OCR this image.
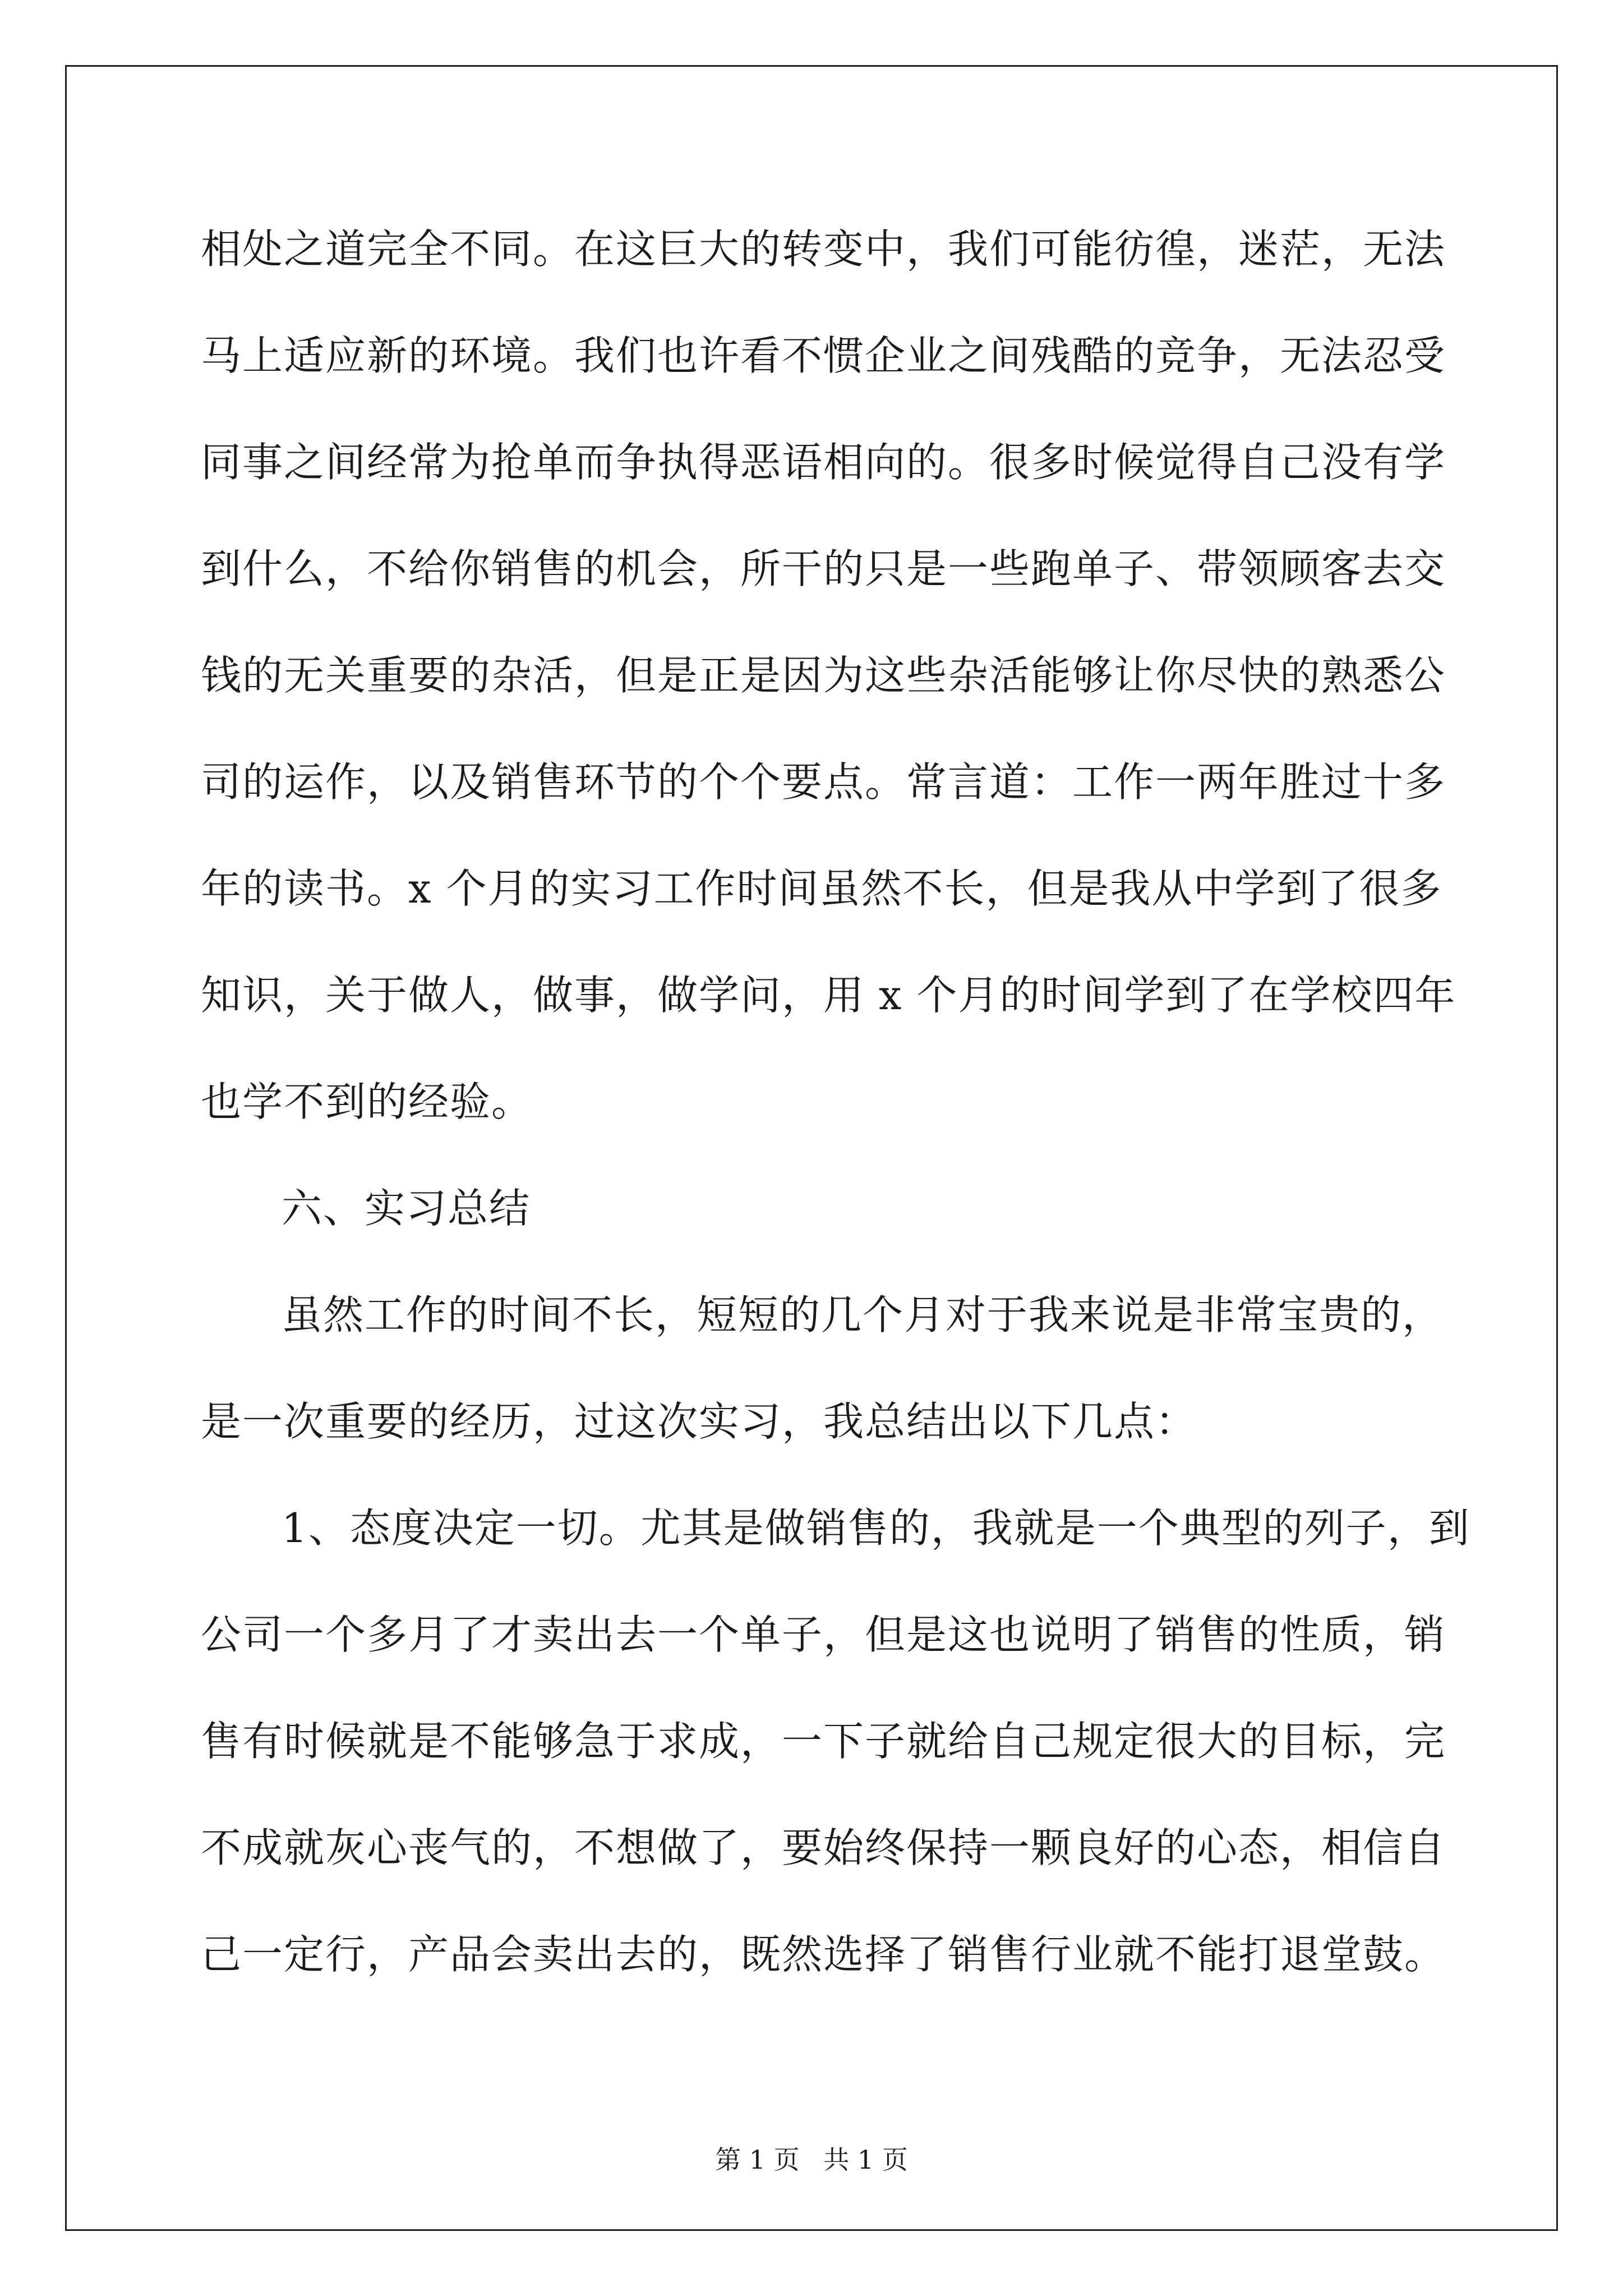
相处之道完全不同。在这巨大的转变中，我们可能彷徨，迷茫，无法
马上适应新的环境。我们也许看不惯企业之间残酷的竞争，无法忍受
同事之间经常为抢单而争执得恶语相向的。很多时候觉得自己没有学
到什么，不给你销售的机会，所干的只是一些跑单子、带领顾客去交
钱的无关重要的杂活，但是正是因为这些杂活能够让你尽快的熟悉公
司的运作，以及销售环节的个个要点。常言道：工作一两年胜过十多
年的读书。x 个月的实习工作时间虽然不长，但是我从中学到了很多
知识，关于做人，做事，做学问，用 x 个月的时间学到了在学校四年
也学不到的经验。
六、实习总结
虽然工作的时间不长，短短的几个月对于我来说是非常宝贵的，
是一次重要的经历，过这次实习，我总结出以下几点：
1、态度决定一切。尤其是做销售的，我就是一个典型的列子，到
公司一个多月了才卖出去一个单子，但是这也说明了销售的性质，销
售有时候就是不能够急于求成，一下子就给自己规定很大的目标，完
不成就灰心丧气的，不想做了，要始终保持一颗良好的心态，相信自
己一定行，产品会卖出去的，既然选择了销售行业就不能打退堂鼓。
第 1 页 共 1 页
